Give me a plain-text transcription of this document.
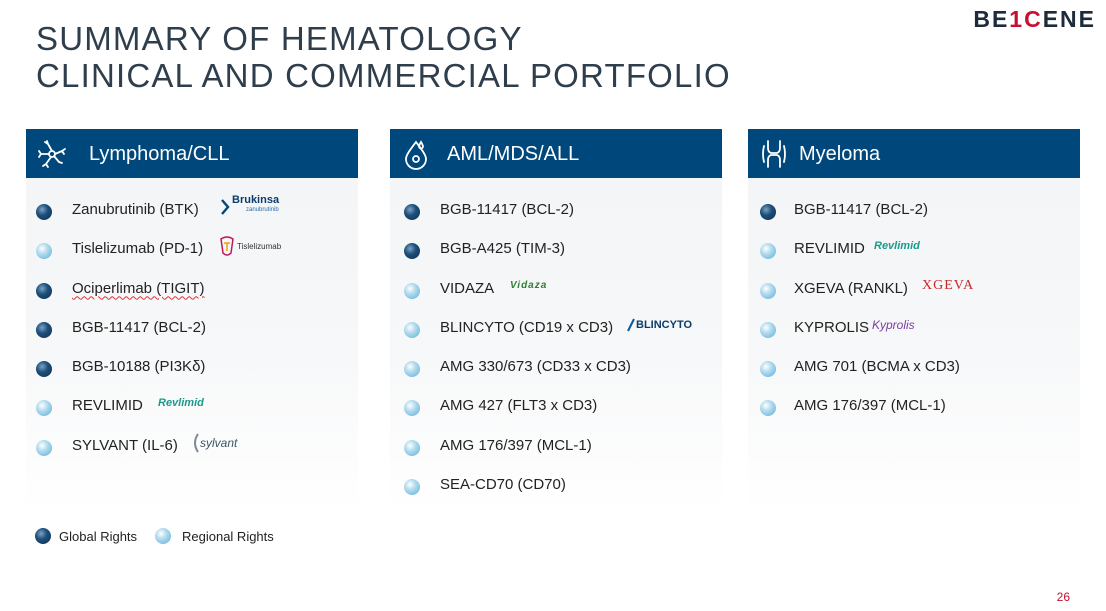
SUMMARY OF HEMATOLOGY
CLINICAL AND COMMERCIAL PORTFOLIO
BE1CENE
Lymphoma/CLL
Zanubrutinib (BTK)
Brukinsa
zanubrutinib
Tislelizumab (PD-1)	Tislelizumab
Ociperlimab (TIGIT)
BGB-11417 (BCL-2)
BGB-10188 (PI3Kδ)
REVLIMID Revlimid
SYLVANT (IL-6) sylvant
AML/MDS/ALL
BGB-11417 (BCL-2)
BGB-A425 (TIM-3)
VIDAZA Vidaza
BLINCYTO (CD19 x CD3) BLINCYTO
AMG 330/673 (CD33 x CD3)
AMG 427 (FLT3 x CD3)
AMG 176/397 (MCL-1)
SEA-CD70 (CD70)
Myeloma
BGB-11417 (BCL-2)
REVLIMID Revlimid
XGEVA (RANKL) XGEVA
KYPROLIS Kyprolis
AMG 701 (BCMA x CD3)
AMG 176/397 (MCL-1)
Global Rights	Regional Rights
26
